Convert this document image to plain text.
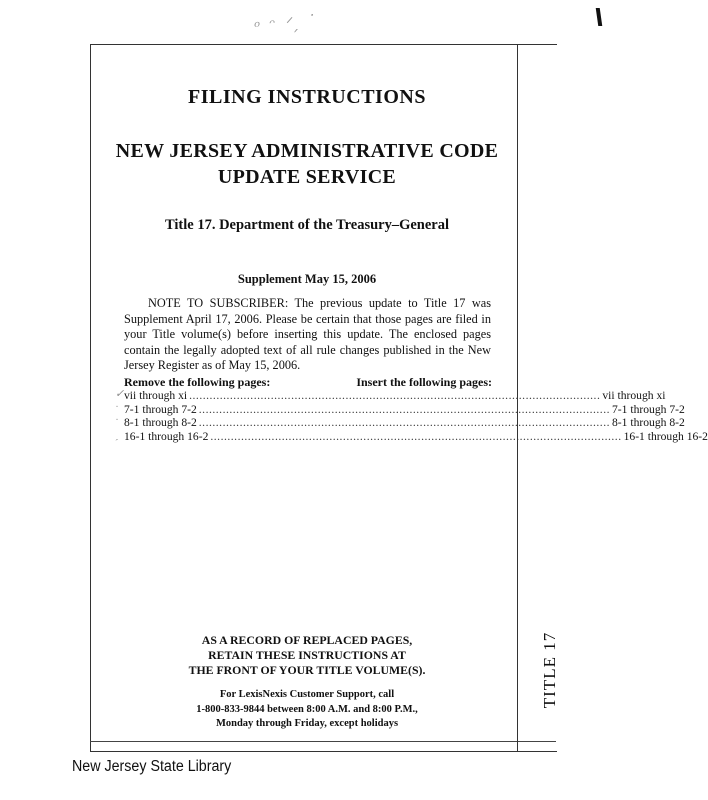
ᵒ ᵔ ᐟ ̗ ˙
TITLE 17
FILING INSTRUCTIONS
NEW JERSEY ADMINISTRATIVE CODE
UPDATE SERVICE
Title 17. Department of the Treasury–General
Supplement May 15, 2006
NOTE TO SUBSCRIBER: The previous update to Title 17 was Supplement April 17, 2006. Please be certain that those pages are filed in your Title volume(s) before inserting this update. The enclosed pages contain the legally adopted text of all rule changes published in the New Jersey Register as of May 15, 2006.
Remove the following pages:	Insert the following pages:
✓ vii through xi ......................................................................................................................... vii through xi
ˑ 7-1 through 7-2 ......................................................................................................................... 7-1 through 7-2
ˑ 8-1 through 8-2 ......................................................................................................................... 8-1 through 8-2
ˏ 16-1 through 16-2 ......................................................................................................................... 16-1 through 16-2
AS A RECORD OF REPLACED PAGES,
RETAIN THESE INSTRUCTIONS AT
THE FRONT OF YOUR TITLE VOLUME(S).
For LexisNexis Customer Support, call
1-800-833-9844 between 8:00 A.M. and 8:00 P.M.,
Monday through Friday, except holidays
New Jersey State Library
